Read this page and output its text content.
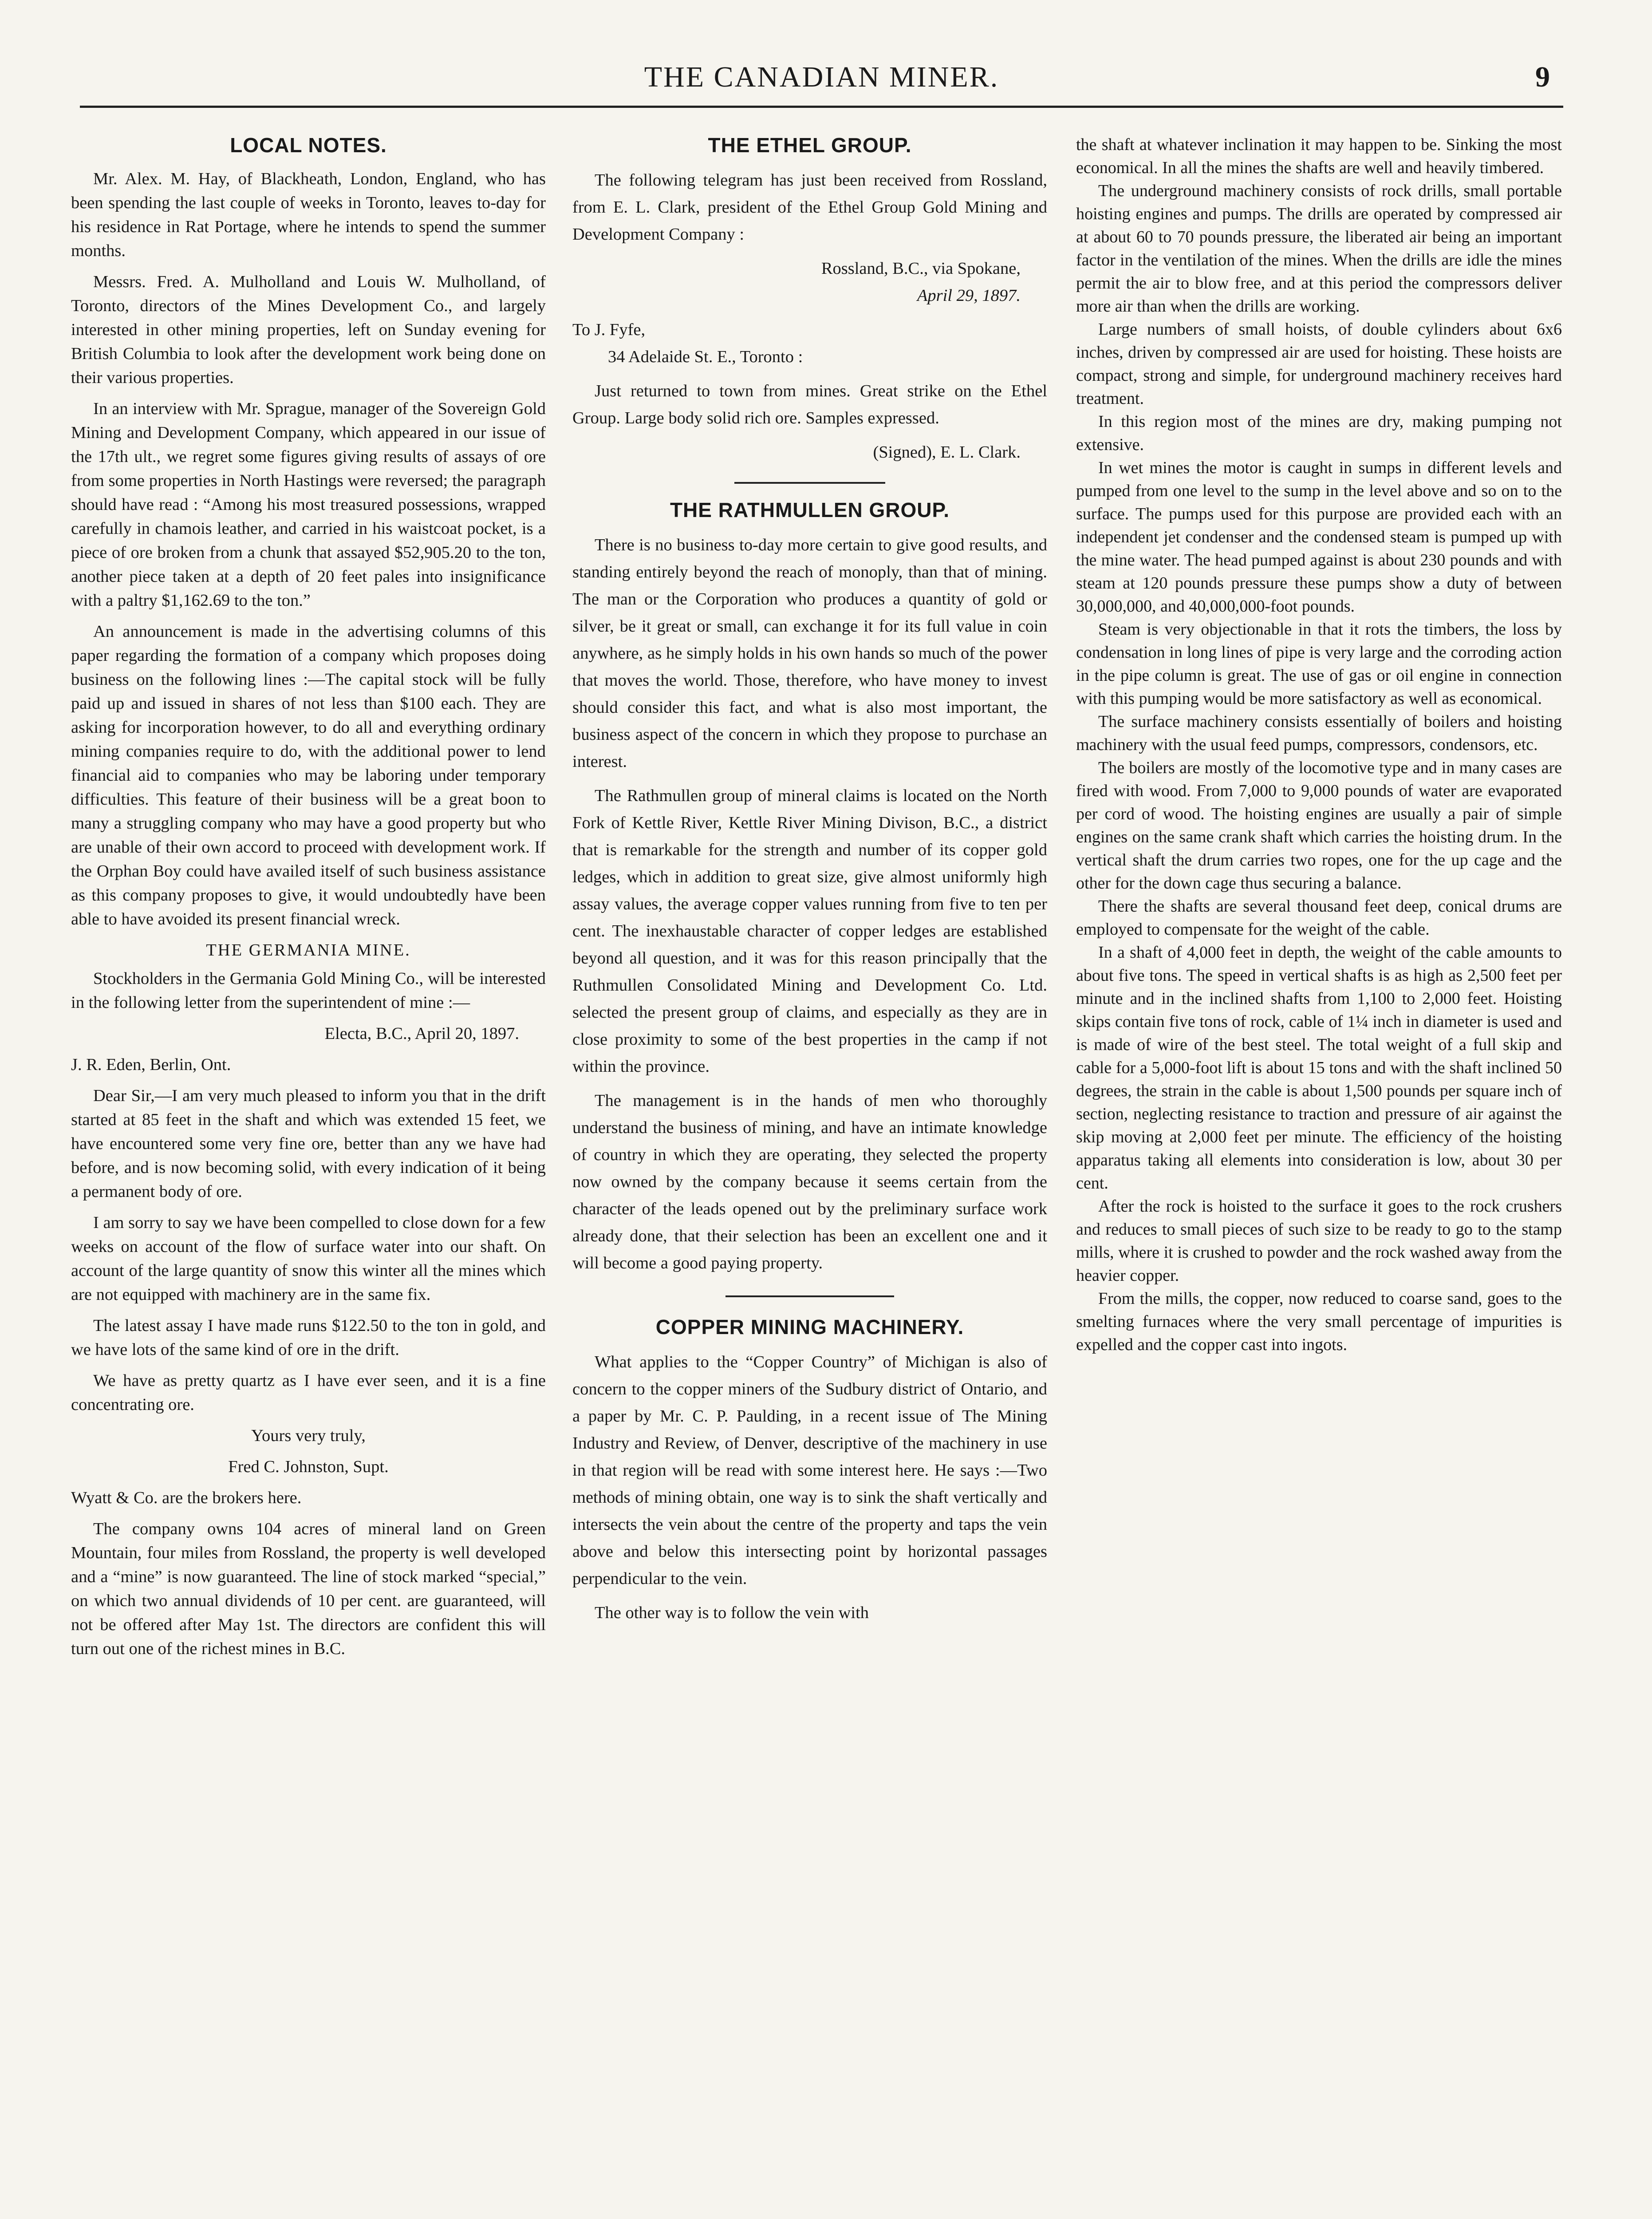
THE CANADIAN MINER.	9
LOCAL NOTES.

Mr. Alex. M. Hay, of Blackheath, London, England, who has been spending the last couple of weeks in Toronto, leaves to-day for his residence in Rat Portage, where he intends to spend the summer months.

Messrs. Fred. A. Mulholland and Louis W. Mulholland, of Toronto, directors of the Mines Development Co., and largely interested in other mining properties, left on Sunday evening for British Columbia to look after the development work being done on their various properties.

In an interview with Mr. Sprague, manager of the Sovereign Gold Mining and Development Company, which appeared in our issue of the 17th ult., we regret some figures giving results of assays of ore from some properties in North Hastings were reversed; the paragraph should have read : “Among his most treasured possessions, wrapped carefully in chamois leather, and carried in his waistcoat pocket, is a piece of ore broken from a chunk that assayed $52,905.20 to the ton, another piece taken at a depth of 20 feet pales into insignificance with a paltry $1,162.69 to the ton.”

An announcement is made in the advertising columns of this paper regarding the formation of a company which proposes doing business on the following lines :—The capital stock will be fully paid up and issued in shares of not less than $100 each. They are asking for incorporation however, to do all and everything ordinary mining companies require to do, with the additional power to lend financial aid to companies who may be laboring under temporary difficulties. This feature of their business will be a great boon to many a struggling company who may have a good property but who are unable of their own accord to proceed with development work. If the Orphan Boy could have availed itself of such business assistance as this company proposes to give, it would undoubtedly have been able to have avoided its present financial wreck.

THE GERMANIA MINE.

Stockholders in the Germania Gold Mining Co., will be interested in the following letter from the superintendent of mine :—

Electa, B.C., April 20, 1897.

J. R. Eden, Berlin, Ont.

Dear Sir,—I am very much pleased to inform you that in the drift started at 85 feet in the shaft and which was extended 15 feet, we have encountered some very fine ore, better than any we have had before, and is now becoming solid, with every indication of it being a permanent body of ore.

I am sorry to say we have been compelled to close down for a few weeks on account of the flow of surface water into our shaft. On account of the large quantity of snow this winter all the mines which are not equipped with machinery are in the same fix.

The latest assay I have made runs $122.50 to the ton in gold, and we have lots of the same kind of ore in the drift.

We have as pretty quartz as I have ever seen, and it is a fine concentrating ore.

Yours very truly,

Fred C. Johnston, Supt.

Wyatt & Co. are the brokers here.

The company owns 104 acres of mineral land on Green Mountain, four miles from Rossland, the property is well developed and a “mine” is now guaranteed. The line of stock marked “special,” on which two annual dividends of 10 per cent. are guaranteed, will not be offered after May 1st. The directors are confident this will turn out one of the richest mines in B.C.

THE ETHEL GROUP.

The following telegram has just been received from Rossland, from E. L. Clark, president of the Ethel Group Gold Mining and Development Company :

Rossland, B.C., via Spokane,

April 29, 1897.

To J. Fyfe,

34 Adelaide St. E., Toronto :

Just returned to town from mines. Great strike on the Ethel Group. Large body solid rich ore. Samples expressed.

(Signed), E. L. Clark.

THE RATHMULLEN GROUP.

There is no business to-day more certain to give good results, and standing entirely beyond the reach of monoply, than that of mining. The man or the Corporation who produces a quantity of gold or silver, be it great or small, can exchange it for its full value in coin anywhere, as he simply holds in his own hands so much of the power that moves the world. Those, therefore, who have money to invest should consider this fact, and what is also most important, the business aspect of the concern in which they propose to purchase an interest.

The Rathmullen group of mineral claims is located on the North Fork of Kettle River, Kettle River Mining Divison, B.C., a district that is remarkable for the strength and number of its copper gold ledges, which in addition to great size, give almost uniformly high assay values, the average copper values running from five to ten per cent. The inexhaustable character of copper ledges are established beyond all question, and it was for this reason principally that the Ruthmullen Consolidated Mining and Development Co. Ltd. selected the present group of claims, and especially as they are in close proximity to some of the best properties in the camp if not within the province.

The management is in the hands of men who thoroughly understand the business of mining, and have an intimate knowledge of country in which they are operating, they selected the property now owned by the company because it seems certain from the character of the leads opened out by the preliminary surface work already done, that their selection has been an excellent one and it will become a good paying property.

COPPER MINING MACHINERY.

What applies to the “Copper Country” of Michigan is also of concern to the copper miners of the Sudbury district of Ontario, and a paper by Mr. C. P. Paulding, in a recent issue of The Mining Industry and Review, of Denver, descriptive of the machinery in use in that region will be read with some interest here. He says :—Two methods of mining obtain, one way is to sink the shaft vertically and intersects the vein about the centre of the property and taps the vein above and below this intersecting point by horizontal passages perpendicular to the vein.

The other way is to follow the vein with

the shaft at whatever inclination it may happen to be. Sinking the most economical. In all the mines the shafts are well and heavily timbered.

The underground machinery consists of rock drills, small portable hoisting engines and pumps. The drills are operated by compressed air at about 60 to 70 pounds pressure, the liberated air being an important factor in the ventilation of the mines. When the drills are idle the mines permit the air to blow free, and at this period the compressors deliver more air than when the drills are working.

Large numbers of small hoists, of double cylinders about 6x6 inches, driven by compressed air are used for hoisting. These hoists are compact, strong and simple, for underground machinery receives hard treatment.

In this region most of the mines are dry, making pumping not extensive.

In wet mines the motor is caught in sumps in different levels and pumped from one level to the sump in the level above and so on to the surface. The pumps used for this purpose are provided each with an independent jet condenser and the condensed steam is pumped up with the mine water. The head pumped against is about 230 pounds and with steam at 120 pounds pressure these pumps show a duty of between 30,000,000, and 40,000,000-foot pounds.

Steam is very objectionable in that it rots the timbers, the loss by condensation in long lines of pipe is very large and the corroding action in the pipe column is great. The use of gas or oil engine in connection with this pumping would be more satisfactory as well as economical.

The surface machinery consists essentially of boilers and hoisting machinery with the usual feed pumps, compressors, condensors, etc.

The boilers are mostly of the locomotive type and in many cases are fired with wood. From 7,000 to 9,000 pounds of water are evaporated per cord of wood. The hoisting engines are usually a pair of simple engines on the same crank shaft which carries the hoisting drum. In the vertical shaft the drum carries two ropes, one for the up cage and the other for the down cage thus securing a balance.

There the shafts are several thousand feet deep, conical drums are employed to compensate for the weight of the cable.

In a shaft of 4,000 feet in depth, the weight of the cable amounts to about five tons. The speed in vertical shafts is as high as 2,500 feet per minute and in the inclined shafts from 1,100 to 2,000 feet. Hoisting skips contain five tons of rock, cable of 1¼ inch in diameter is used and is made of wire of the best steel. The total weight of a full skip and cable for a 5,000-foot lift is about 15 tons and with the shaft inclined 50 degrees, the strain in the cable is about 1,500 pounds per square inch of section, neglecting resistance to traction and pressure of air against the skip moving at 2,000 feet per minute. The efficiency of the hoisting apparatus taking all elements into consideration is low, about 30 per cent.

After the rock is hoisted to the surface it goes to the rock crushers and reduces to small pieces of such size to be ready to go to the stamp mills, where it is crushed to powder and the rock washed away from the heavier copper.

From the mills, the copper, now reduced to coarse sand, goes to the smelting furnaces where the very small percentage of impurities is expelled and the copper cast into ingots.
